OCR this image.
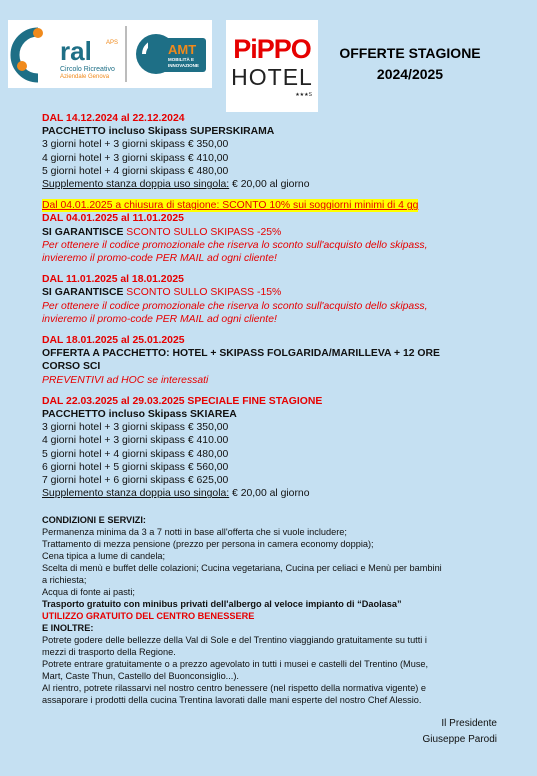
ral APS
Circolo Ricreativo
Aziendale Genova
AMT
MOBILITÀ E
INNOVAZIONE
PiPPO
HOTEL
★★★S
OFFERTE STAGIONE
2024/2025
DAL 14.12.2024 al 22.12.2024
PACCHETTO incluso Skipass SUPERSKIRAMA
3 giorni hotel + 3 giorni skipass € 350,00
4 giorni hotel + 3 giorni skipass € 410,00
5 giorni hotel + 4 giorni skipass € 480,00
Supplemento stanza doppia uso singola: € 20,00 al giorno
Dal 04.01.2025 a chiusura di stagione: SCONTO 10% sui soggiorni minimi di 4 gg
DAL 04.01.2025 al 11.01.2025
SI GARANTISCE SCONTO SULLO SKIPASS -25%
Per ottenere il codice promozionale che riserva lo sconto sull'acquisto dello skipass,
invieremo il promo-code PER MAIL ad ogni cliente!
DAL 11.01.2025 al 18.01.2025
SI GARANTISCE SCONTO SULLO SKIPASS -15%
Per ottenere il codice promozionale che riserva lo sconto sull'acquisto dello skipass,
invieremo il promo-code PER MAIL ad ogni cliente!
DAL 18.01.2025 al 25.01.2025
OFFERTA A PACCHETTO: HOTEL + SKIPASS FOLGARIDA/MARILLEVA + 12 ORE
CORSO SCI
PREVENTIVI ad HOC se interessati
DAL 22.03.2025 al 29.03.2025 SPECIALE FINE STAGIONE
PACCHETTO incluso Skipass SKIAREA
3 giorni hotel + 3 giorni skipass € 350,00
4 giorni hotel + 3 giorni skipass € 410.00
5 giorni hotel + 4 giorni skipass € 480,00
6 giorni hotel + 5 giorni skipass € 560,00
7 giorni hotel + 6 giorni skipass € 625,00
Supplemento stanza doppia uso singola: € 20,00 al giorno
CONDIZIONI E SERVIZI:
Permanenza minima da 3 a 7 notti in base all'offerta che si vuole includere;
Trattamento di mezza pensione (prezzo per persona in camera economy doppia);
Cena tipica a lume di candela;
Scelta di menù e buffet delle colazioni; Cucina vegetariana, Cucina per celiaci e Menù per bambini
a richiesta;
Acqua di fonte ai pasti;
Trasporto gratuito con minibus privati dell'albergo al veloce impianto di “Daolasa”
UTILIZZO GRATUITO DEL CENTRO BENESSERE
E INOLTRE:
Potrete godere delle bellezze della Val di Sole e del Trentino viaggiando gratuitamente su tutti i
mezzi di trasporto della Regione.
Potrete entrare gratuitamente o a prezzo agevolato in tutti i musei e castelli del Trentino (Muse,
Mart, Caste Thun, Castello del Buonconsiglio...).
Al rientro, potrete rilassarvi nel nostro centro benessere (nel rispetto della normativa vigente) e
assaporare i prodotti della cucina Trentina lavorati dalle mani esperte del nostro Chef Alessio.
Il Presidente
Giuseppe Parodi
